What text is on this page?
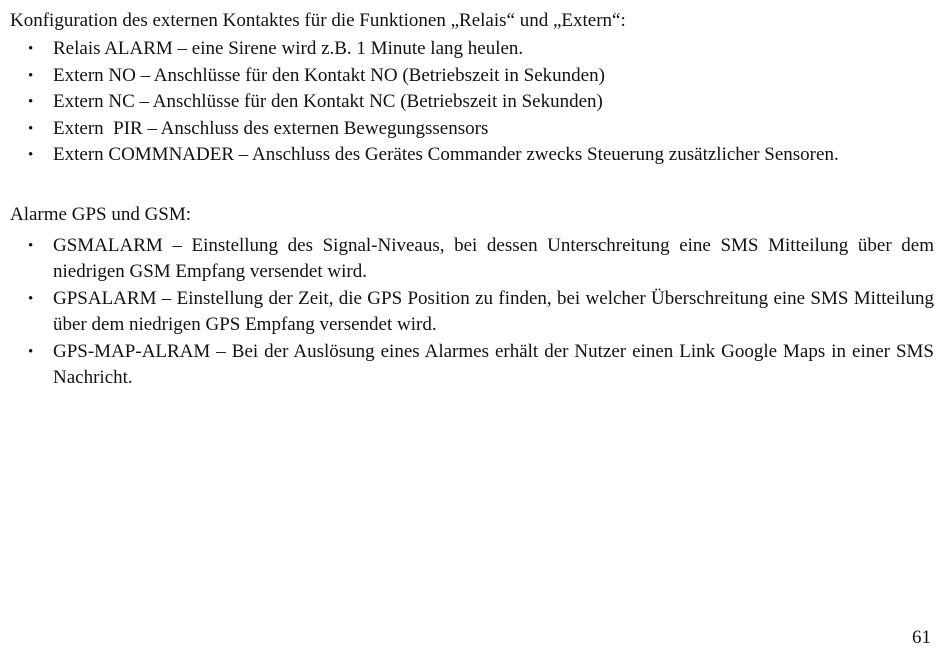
Konfiguration des externen Kontaktes für die Funktionen „Relais“ und „Extern“:

• Relais ALARM – eine Sirene wird z.B. 1 Minute lang heulen.
• Extern NO – Anschlüsse für den Kontakt NO (Betriebszeit in Sekunden)
• Extern NC – Anschlüsse für den Kontakt NC (Betriebszeit in Sekunden)
• Extern  PIR – Anschluss des externen Bewegungssensors
• Extern COMMNADER – Anschluss des Gerätes Commander zwecks Steuerung zusätzlicher Sensoren.

Alarme GPS und GSM:

• GSMALARM – Einstellung des Signal-Niveaus, bei dessen Unterschreitung eine SMS Mitteilung über dem niedrigen GSM Empfang versendet wird.
• GPSALARM – Einstellung der Zeit, die GPS Position zu finden, bei welcher Überschreitung eine SMS Mitteilung über dem niedrigen GPS Empfang versendet wird.
• GPS-MAP-ALRAM – Bei der Auslösung eines Alarmes erhält der Nutzer einen Link Google Maps in einer SMS Nachricht.
61
